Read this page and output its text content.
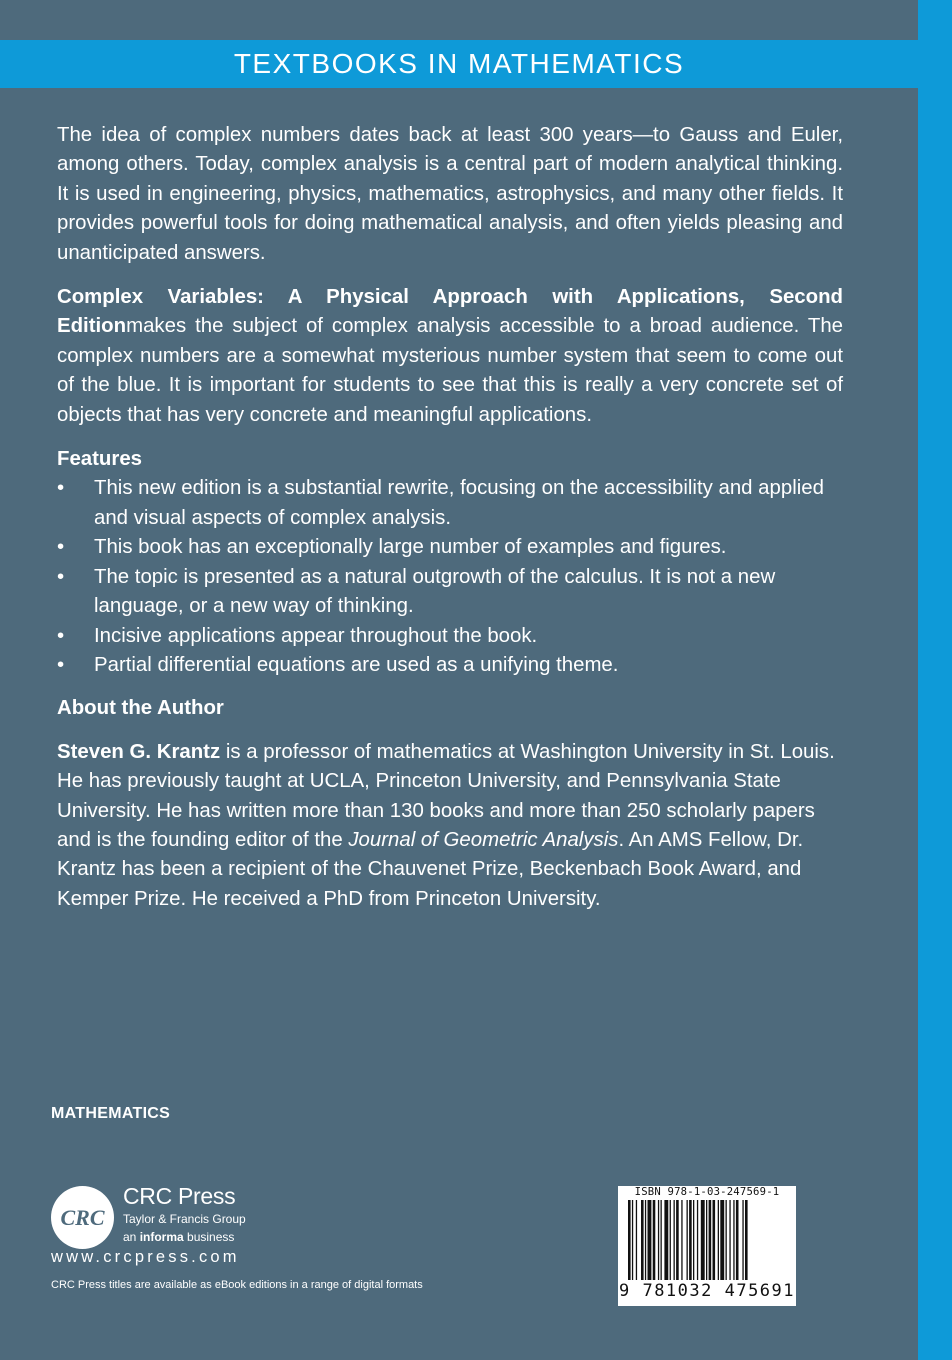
TEXTBOOKS IN MATHEMATICS

The idea of complex numbers dates back at least 300 years—to Gauss and Euler, among others. Today, complex analysis is a central part of modern analytical thinking. It is used in engineering, physics, mathematics, astrophysics, and many other fields. It provides powerful tools for doing mathematical analysis, and often yields pleasing and unanticipated answers.

Complex Variables: A Physical Approach with Applications, Second Editionmakes the subject of complex analysis accessible to a broad audience. The complex numbers are a somewhat mysterious number system that seem to come out of the blue. It is important for students to see that this is really a very concrete set of objects that has very concrete and meaningful applications.

Features
• This new edition is a substantial rewrite, focusing on the accessibility and applied and visual aspects of complex analysis.
• This book has an exceptionally large number of examples and figures.
• The topic is presented as a natural outgrowth of the calculus. It is not a new language, or a new way of thinking.
• Incisive applications appear throughout the book.
• Partial differential equations are used as a unifying theme.
About the Author

Steven G. Krantz is a professor of mathematics at Washington University in St. Louis. He has previously taught at UCLA, Princeton University, and Pennsylvania State University. He has written more than 130 books and more than 250 scholarly papers and is the founding editor of the Journal of Geometric Analysis. An AMS Fellow, Dr. Krantz has been a recipient of the Chauvenet Prize, Beckenbach Book Award, and Kemper Prize. He received a PhD from Princeton University.

MATHEMATICS
CRC
CRC Press
Taylor & Francis Group
an informa business
www.crcpress.com
CRC Press titles are available as eBook editions in a range of digital formats
ISBN 978-1-03-247569-1
9 781032 475691
